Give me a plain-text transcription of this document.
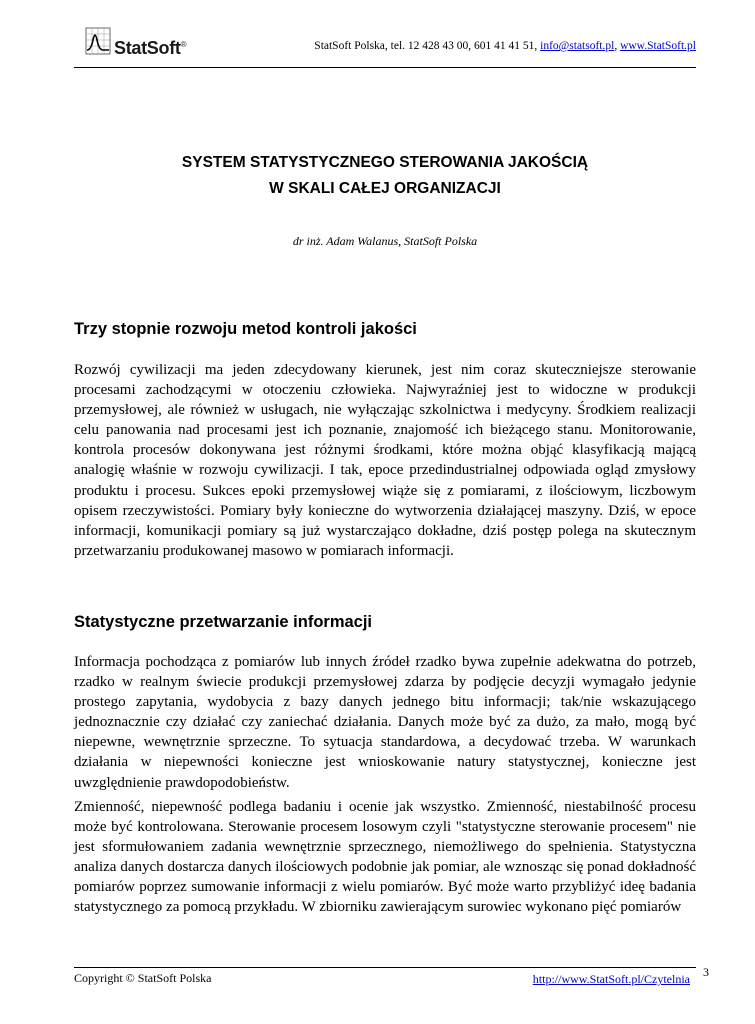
StatSoft®	StatSoft Polska, tel. 12 428 43 00, 601 41 41 51, info@statsoft.pl, www.StatSoft.pl
SYSTEM STATYSTYCZNEGO STEROWANIA JAKOŚCIĄ
W SKALI CAŁEJ ORGANIZACJI
dr inż. Adam Walanus, StatSoft Polska
Trzy stopnie rozwoju metod kontroli jakości

Rozwój cywilizacji ma jeden zdecydowany kierunek, jest nim coraz skuteczniejsze sterowanie procesami zachodzącymi w otoczeniu człowieka. Najwyraźniej jest to widoczne w produkcji przemysłowej, ale również w usługach, nie wyłączając szkolnictwa i medycyny. Środkiem realizacji celu panowania nad procesami jest ich poznanie, znajomość ich bieżącego stanu. Monitorowanie, kontrola procesów dokonywana jest różnymi środkami, które można objąć klasyfikacją mającą analogię właśnie w rozwoju cywilizacji. I tak, epoce przedindustrialnej odpowiada ogląd zmysłowy produktu i procesu. Sukces epoki przemysłowej wiąże się z pomiarami, z ilościowym, liczbowym opisem rzeczywistości. Pomiary były konieczne do wytworzenia działającej maszyny. Dziś, w epoce informacji, komunikacji pomiary są już wystarczająco dokładne, dziś postęp polega na skutecznym przetwarzaniu produkowanej masowo w pomiarach informacji.

Statystyczne przetwarzanie informacji

Informacja pochodząca z pomiarów lub innych źródeł rzadko bywa zupełnie adekwatna do potrzeb, rzadko w realnym świecie produkcji przemysłowej zdarza by podjęcie decyzji wymagało jedynie prostego zapytania, wydobycia z bazy danych jednego bitu informacji; tak/nie wskazującego jednoznacznie czy działać czy zaniechać działania. Danych może być za dużo, za mało, mogą być niepewne, wewnętrznie sprzeczne. To sytuacja standardowa, a decydować trzeba. W warunkach działania w niepewności konieczne jest wnioskowanie natury statystycznej, konieczne jest uwzględnienie prawdopodobieństw.

Zmienność, niepewność podlega badaniu i ocenie jak wszystko. Zmienność, niestabilność procesu może być kontrolowana. Sterowanie procesem losowym czyli "statystyczne sterowanie procesem" nie jest sformułowaniem zadania wewnętrznie sprzecznego, niemożliwego do spełnienia. Statystyczna analiza danych dostarcza danych ilościowych podobnie jak pomiar, ale wznosząc się ponad dokładność pomiarów poprzez sumowanie informacji z wielu pomiarów. Być może warto przybliżyć ideę badania statystycznego za pomocą przykładu. W zbiorniku zawierającym surowiec wykonano pięć pomiarów

Copyright © StatSoft Polska	http://www.StatSoft.pl/Czytelnia 3
